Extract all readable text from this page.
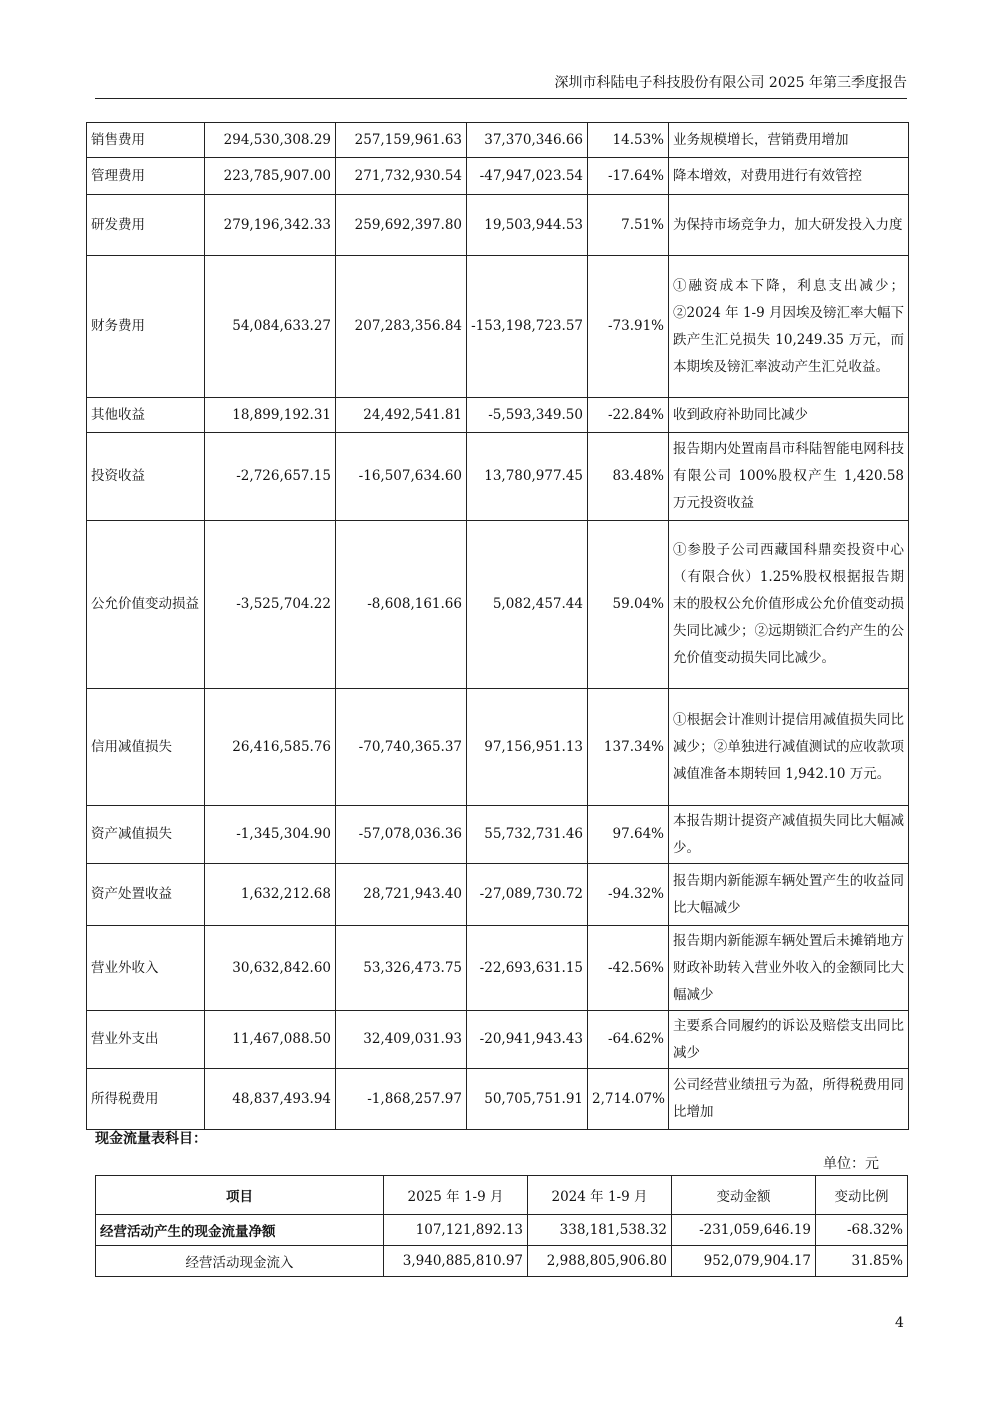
深圳市科陆电子科技股份有限公司 2025 年第三季度报告
销售费用	294,530,308.29	257,159,961.63	37,370,346.66	14.53%	业务规模增长，营销费用增加
管理费用	223,785,907.00	271,732,930.54	-47,947,023.54	-17.64%	降本增效，对费用进行有效管控
研发费用	279,196,342.33	259,692,397.80	19,503,944.53	7.51%	为保持市场竞争力，加大研发投入力度
财务费用	54,084,633.27	207,283,356.84	-153,198,723.57	-73.91%	①融资成本下降，利息支出减少；②2024 年 1-9 月因埃及镑汇率大幅下跌产生汇兑损失 10,249.35 万元，而本期埃及镑汇率波动产生汇兑收益。
其他收益	18,899,192.31	24,492,541.81	-5,593,349.50	-22.84%	收到政府补助同比减少
投资收益	-2,726,657.15	-16,507,634.60	13,780,977.45	83.48%	报告期内处置南昌市科陆智能电网科技有限公司 100%股权产生 1,420.58 万元投资收益
公允价值变动损益	-3,525,704.22	-8,608,161.66	5,082,457.44	59.04%	①参股子公司西藏国科鼎奕投资中心（有限合伙）1.25%股权根据报告期末的股权公允价值形成公允价值变动损失同比减少；②远期锁汇合约产生的公允价值变动损失同比减少。
信用减值损失	26,416,585.76	-70,740,365.37	97,156,951.13	137.34%	①根据会计准则计提信用减值损失同比减少；②单独进行减值测试的应收款项减值准备本期转回 1,942.10 万元。
资产减值损失	-1,345,304.90	-57,078,036.36	55,732,731.46	97.64%	本报告期计提资产减值损失同比大幅减少。
资产处置收益	1,632,212.68	28,721,943.40	-27,089,730.72	-94.32%	报告期内新能源车辆处置产生的收益同比大幅减少
营业外收入	30,632,842.60	53,326,473.75	-22,693,631.15	-42.56%	报告期内新能源车辆处置后未摊销地方财政补助转入营业外收入的金额同比大幅减少
营业外支出	11,467,088.50	32,409,031.93	-20,941,943.43	-64.62%	主要系合同履约的诉讼及赔偿支出同比减少
所得税费用	48,837,493.94	-1,868,257.97	50,705,751.91	2,714.07%	公司经营业绩扭亏为盈，所得税费用同比增加
现金流量表科目：
单位：元
项目	2025 年 1-9 月	2024 年 1-9 月	变动金额	变动比例
经营活动产生的现金流量净额	107,121,892.13	338,181,538.32	-231,059,646.19	-68.32%
经营活动现金流入	3,940,885,810.97	2,988,805,906.80	952,079,904.17	31.85%
4
